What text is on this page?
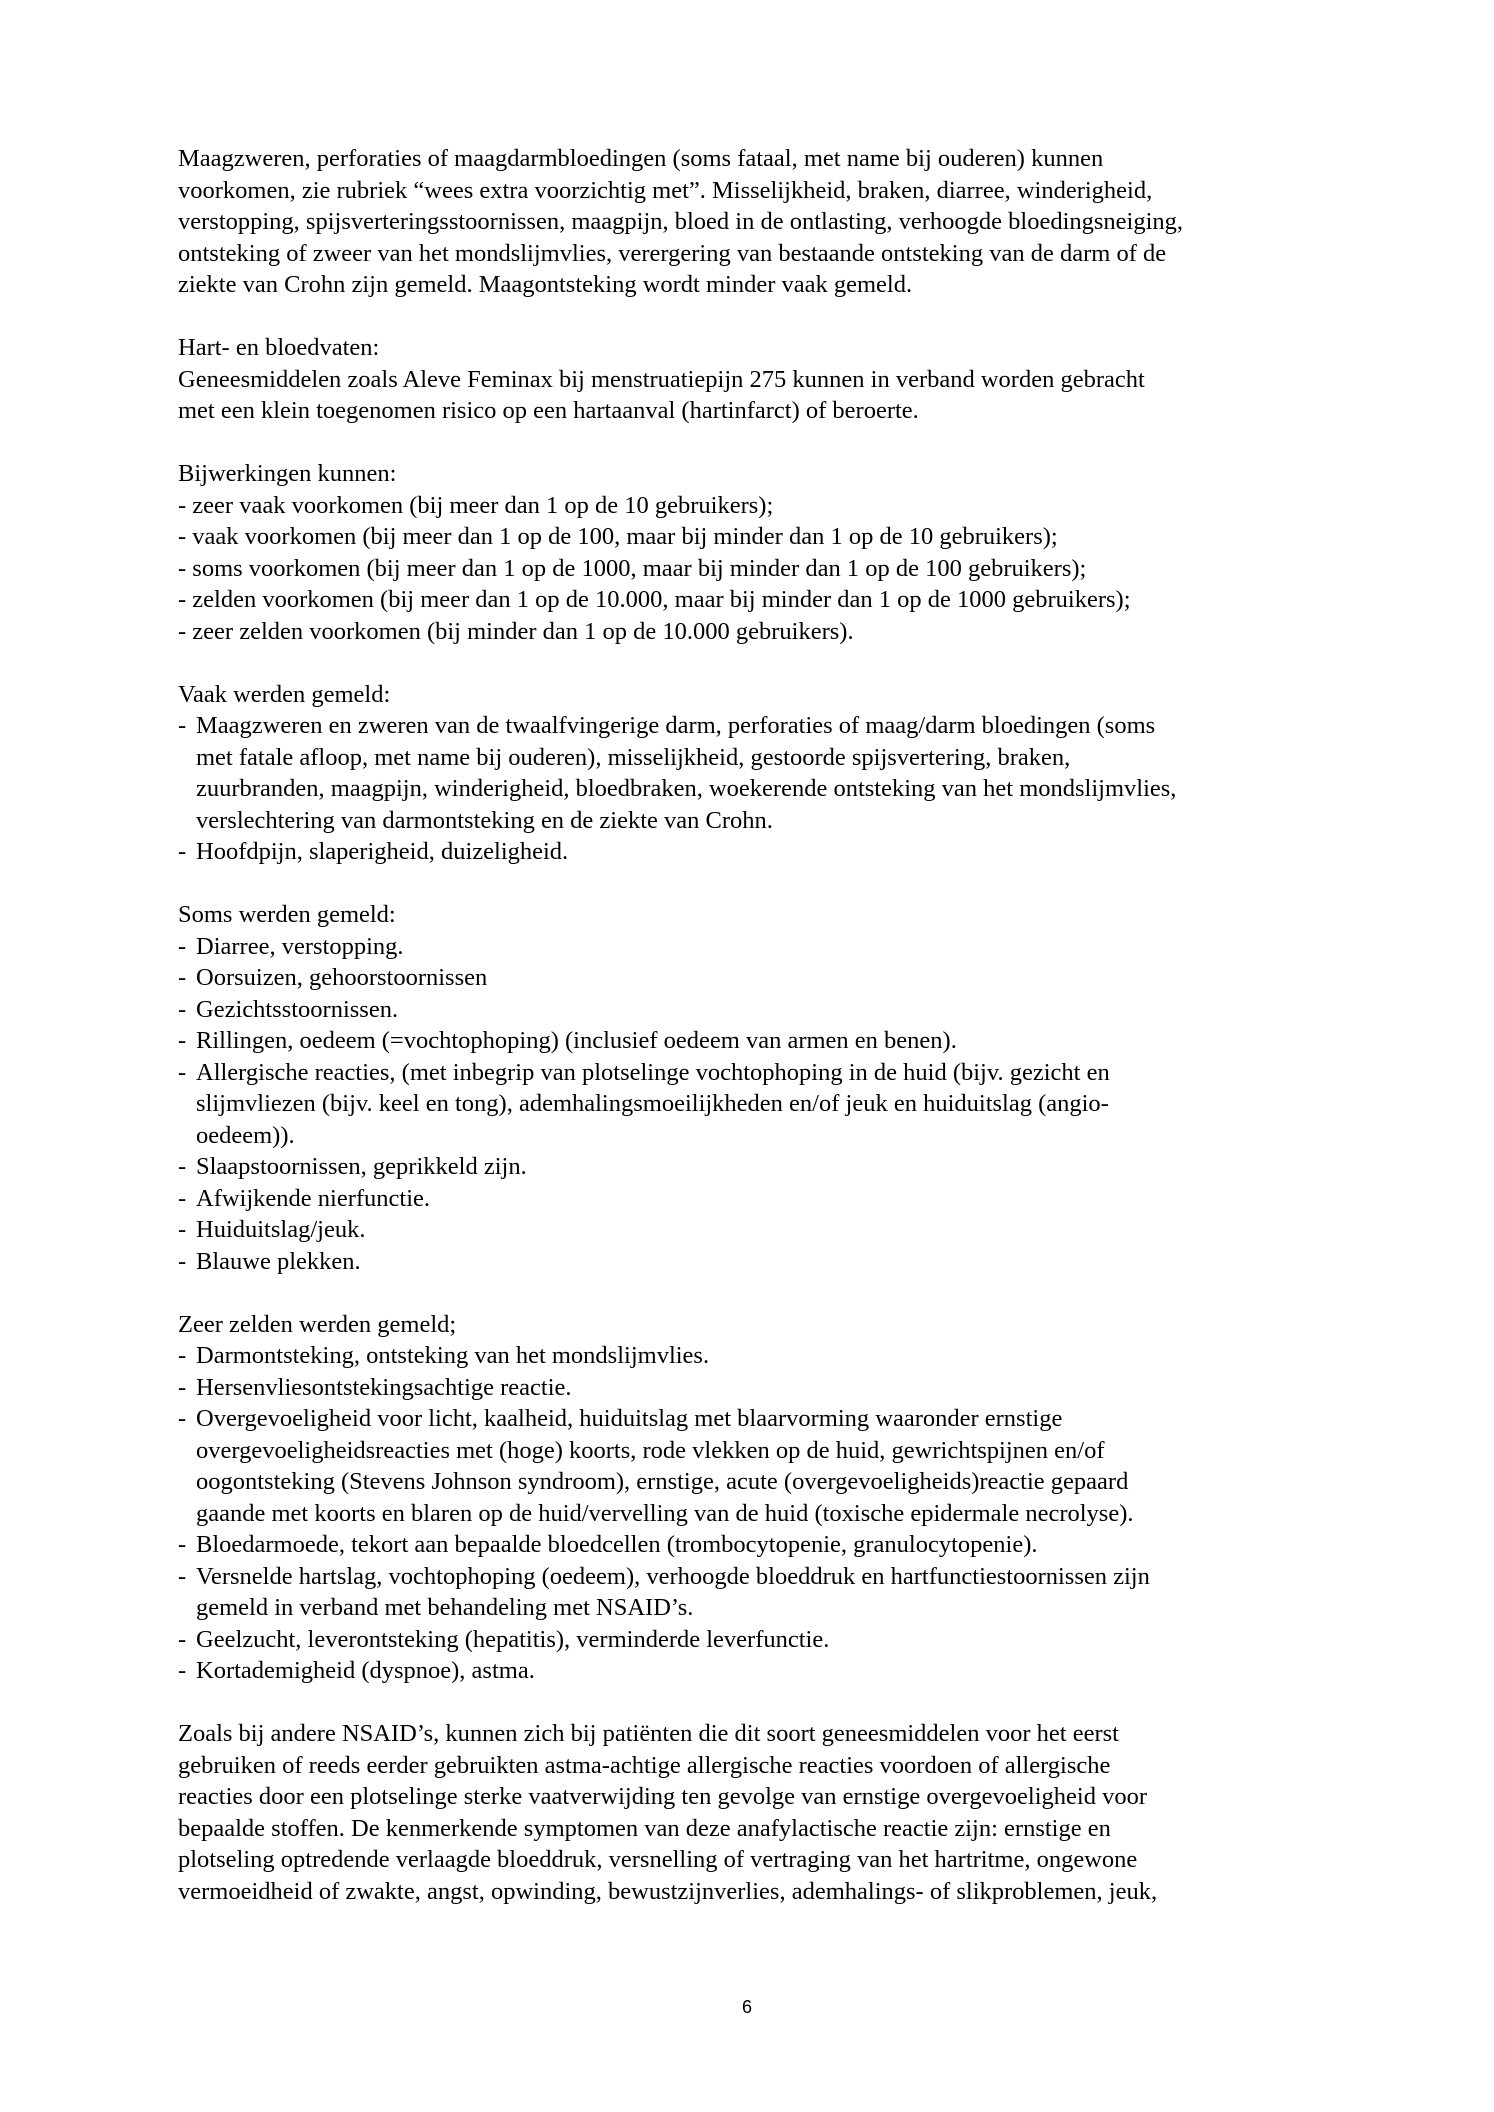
Maagzweren, perforaties of maagdarmbloedingen (soms fataal, met name bij ouderen) kunnen
voorkomen, zie rubriek “wees extra voorzichtig met”. Misselijkheid, braken, diarree, winderigheid,
verstopping, spijsverteringsstoornissen, maagpijn, bloed in de ontlasting, verhoogde bloedingsneiging,
ontsteking of zweer van het mondslijmvlies, verergering van bestaande ontsteking van de darm of de
ziekte van Crohn zijn gemeld. Maagontsteking wordt minder vaak gemeld.
Hart- en bloedvaten:
Geneesmiddelen zoals Aleve Feminax bij menstruatiepijn 275 kunnen in verband worden gebracht
met een klein toegenomen risico op een hartaanval (hartinfarct) of beroerte.
Bijwerkingen kunnen:
- zeer vaak voorkomen (bij meer dan 1 op de 10 gebruikers);
- vaak voorkomen (bij meer dan 1 op de 100, maar bij minder dan 1 op de 10 gebruikers);
- soms voorkomen (bij meer dan 1 op de 1000, maar bij minder dan 1 op de 100 gebruikers);
- zelden voorkomen (bij meer dan 1 op de 10.000, maar bij minder dan 1 op de 1000 gebruikers);
- zeer zelden voorkomen (bij minder dan 1 op de 10.000 gebruikers).
Vaak werden gemeld:
- Maagzweren en zweren van de twaalfvingerige darm, perforaties of maag/darm bloedingen (soms
met fatale afloop, met name bij ouderen), misselijkheid, gestoorde spijsvertering, braken,
zuurbranden, maagpijn, winderigheid, bloedbraken, woekerende ontsteking van het mondslijmvlies,
verslechtering van darmontsteking en de ziekte van Crohn.
- Hoofdpijn, slaperigheid, duizeligheid.
Soms werden gemeld:
- Diarree, verstopping.
- Oorsuizen, gehoorstoornissen
- Gezichtsstoornissen.
- Rillingen, oedeem (=vochtophoping) (inclusief oedeem van armen en benen).
- Allergische reacties, (met inbegrip van plotselinge vochtophoping in de huid (bijv. gezicht en
slijmvliezen (bijv. keel en tong), ademhalingsmoeilijkheden en/of jeuk en huiduitslag (angio-
oedeem)).
- Slaapstoornissen, geprikkeld zijn.
- Afwijkende nierfunctie.
- Huiduitslag/jeuk.
- Blauwe plekken.
Zeer zelden werden gemeld;
- Darmontsteking, ontsteking van het mondslijmvlies.
- Hersenvliesontstekingsachtige reactie.
- Overgevoeligheid voor licht, kaalheid, huiduitslag met blaarvorming waaronder ernstige
overgevoeligheidsreacties met (hoge) koorts, rode vlekken op de huid, gewrichtspijnen en/of
oogontsteking (Stevens Johnson syndroom), ernstige, acute (overgevoeligheids)reactie gepaard
gaande met koorts en blaren op de huid/vervelling van de huid (toxische epidermale necrolyse).
- Bloedarmoede, tekort aan bepaalde bloedcellen (trombocytopenie, granulocytopenie).
- Versnelde hartslag, vochtophoping (oedeem), verhoogde bloeddruk en hartfunctiestoornissen zijn
gemeld in verband met behandeling met NSAID’s.
- Geelzucht, leverontsteking (hepatitis), verminderde leverfunctie.
- Kortademigheid (dyspnoe), astma.
Zoals bij andere NSAID’s, kunnen zich bij patiënten die dit soort geneesmiddelen voor het eerst
gebruiken of reeds eerder gebruikten astma-achtige allergische reacties voordoen of allergische
reacties door een plotselinge sterke vaatverwijding ten gevolge van ernstige overgevoeligheid voor
bepaalde stoffen. De kenmerkende symptomen van deze anafylactische reactie zijn: ernstige en
plotseling optredende verlaagde bloeddruk, versnelling of vertraging van het hartritme, ongewone
vermoeidheid of zwakte, angst, opwinding, bewustzijnverlies, ademhalings- of slikproblemen, jeuk,
6
